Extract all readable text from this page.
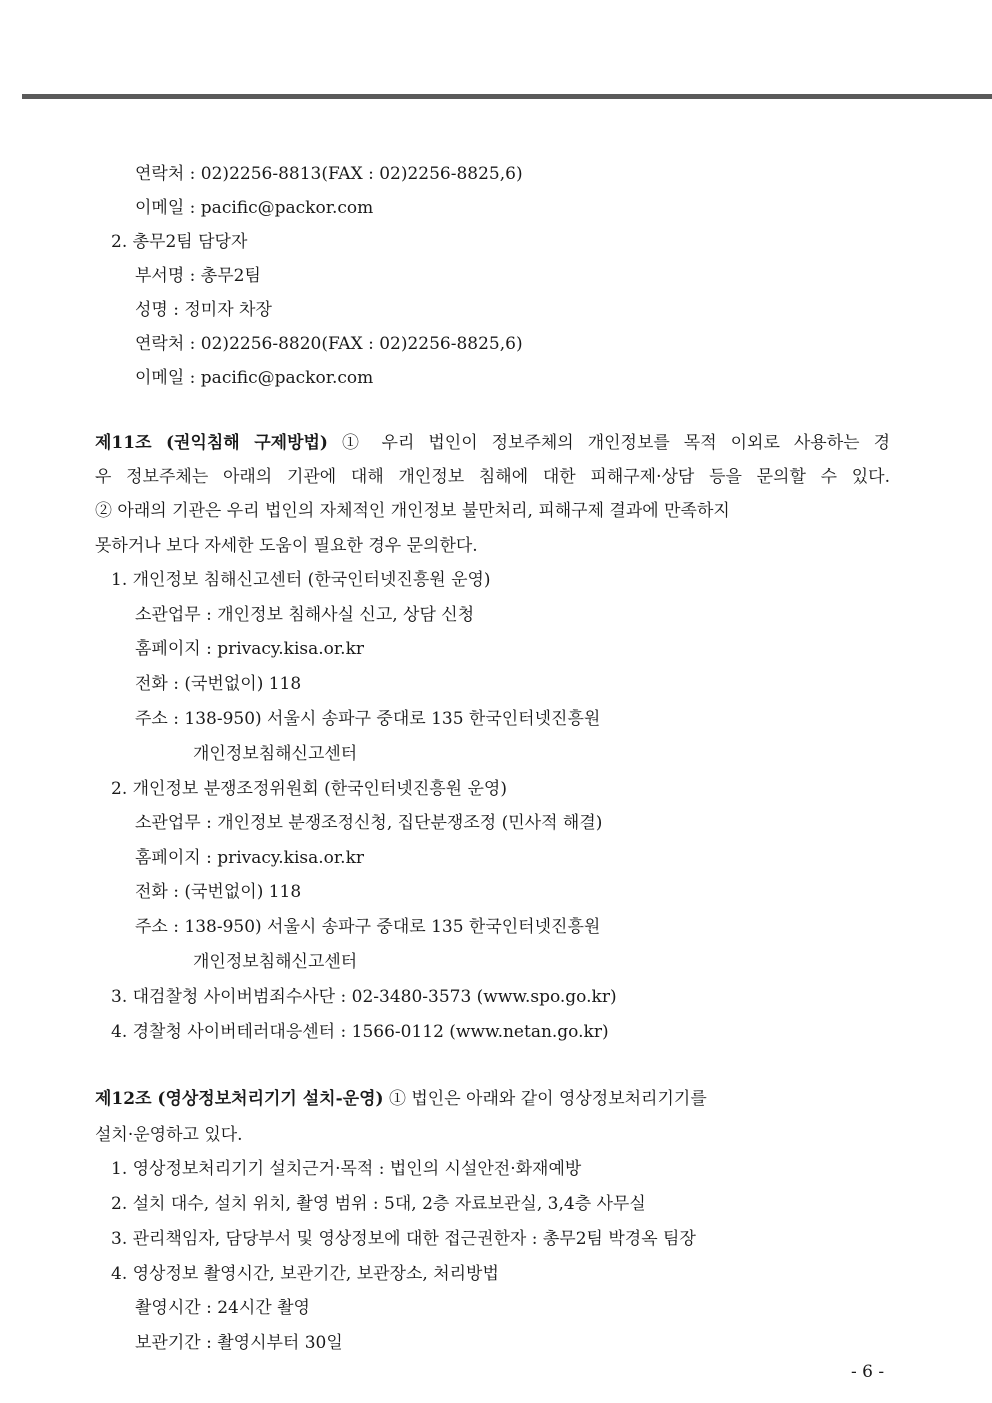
연락처 : 02)2256-8813(FAX : 02)2256-8825,6)
이메일 : pacific@packor.com
2. 총무2팀 담당자
부서명 : 총무2팀
성명 : 정미자 차장
연락처 : 02)2256-8820(FAX : 02)2256-8825,6)
이메일 : pacific@packor.com
제11조 (권익침해 구제방법) ① 우리 법인이 정보주체의 개인정보를 목적 이외로 사용하는 경
우 정보주체는 아래의 기관에 대해 개인정보 침해에 대한 피해구제·상담 등을 문의할 수 있다.
② 아래의 기관은 우리 법인의 자체적인 개인정보 불만처리, 피해구제 결과에 만족하지
못하거나 보다 자세한 도움이 필요한 경우 문의한다.
1. 개인정보 침해신고센터 (한국인터넷진흥원 운영)
소관업무 : 개인정보 침해사실 신고, 상담 신청
홈페이지 : privacy.kisa.or.kr
전화 : (국번없이) 118
주소 : 138-950) 서울시 송파구 중대로 135 한국인터넷진흥원
개인정보침해신고센터
2. 개인정보 분쟁조정위원회 (한국인터넷진흥원 운영)
소관업무 : 개인정보 분쟁조정신청, 집단분쟁조정 (민사적 해결)
홈페이지 : privacy.kisa.or.kr
전화 : (국번없이) 118
주소 : 138-950) 서울시 송파구 중대로 135 한국인터넷진흥원
개인정보침해신고센터
3. 대검찰청 사이버범죄수사단 : 02-3480-3573 (www.spo.go.kr)
4. 경찰청 사이버테러대응센터 : 1566-0112 (www.netan.go.kr)
제12조 (영상정보처리기기 설치-운영) ① 법인은 아래와 같이 영상정보처리기기를
설치·운영하고 있다.
1. 영상정보처리기기 설치근거·목적 : 법인의 시설안전·화재예방
2. 설치 대수, 설치 위치, 촬영 범위 : 5대, 2층 자료보관실, 3,4층 사무실
3. 관리책임자, 담당부서 및 영상정보에 대한 접근권한자 : 총무2팀 박경옥 팀장
4. 영상정보 촬영시간, 보관기간, 보관장소, 처리방법
촬영시간 : 24시간 촬영
보관기간 : 촬영시부터 30일
- 6 -
